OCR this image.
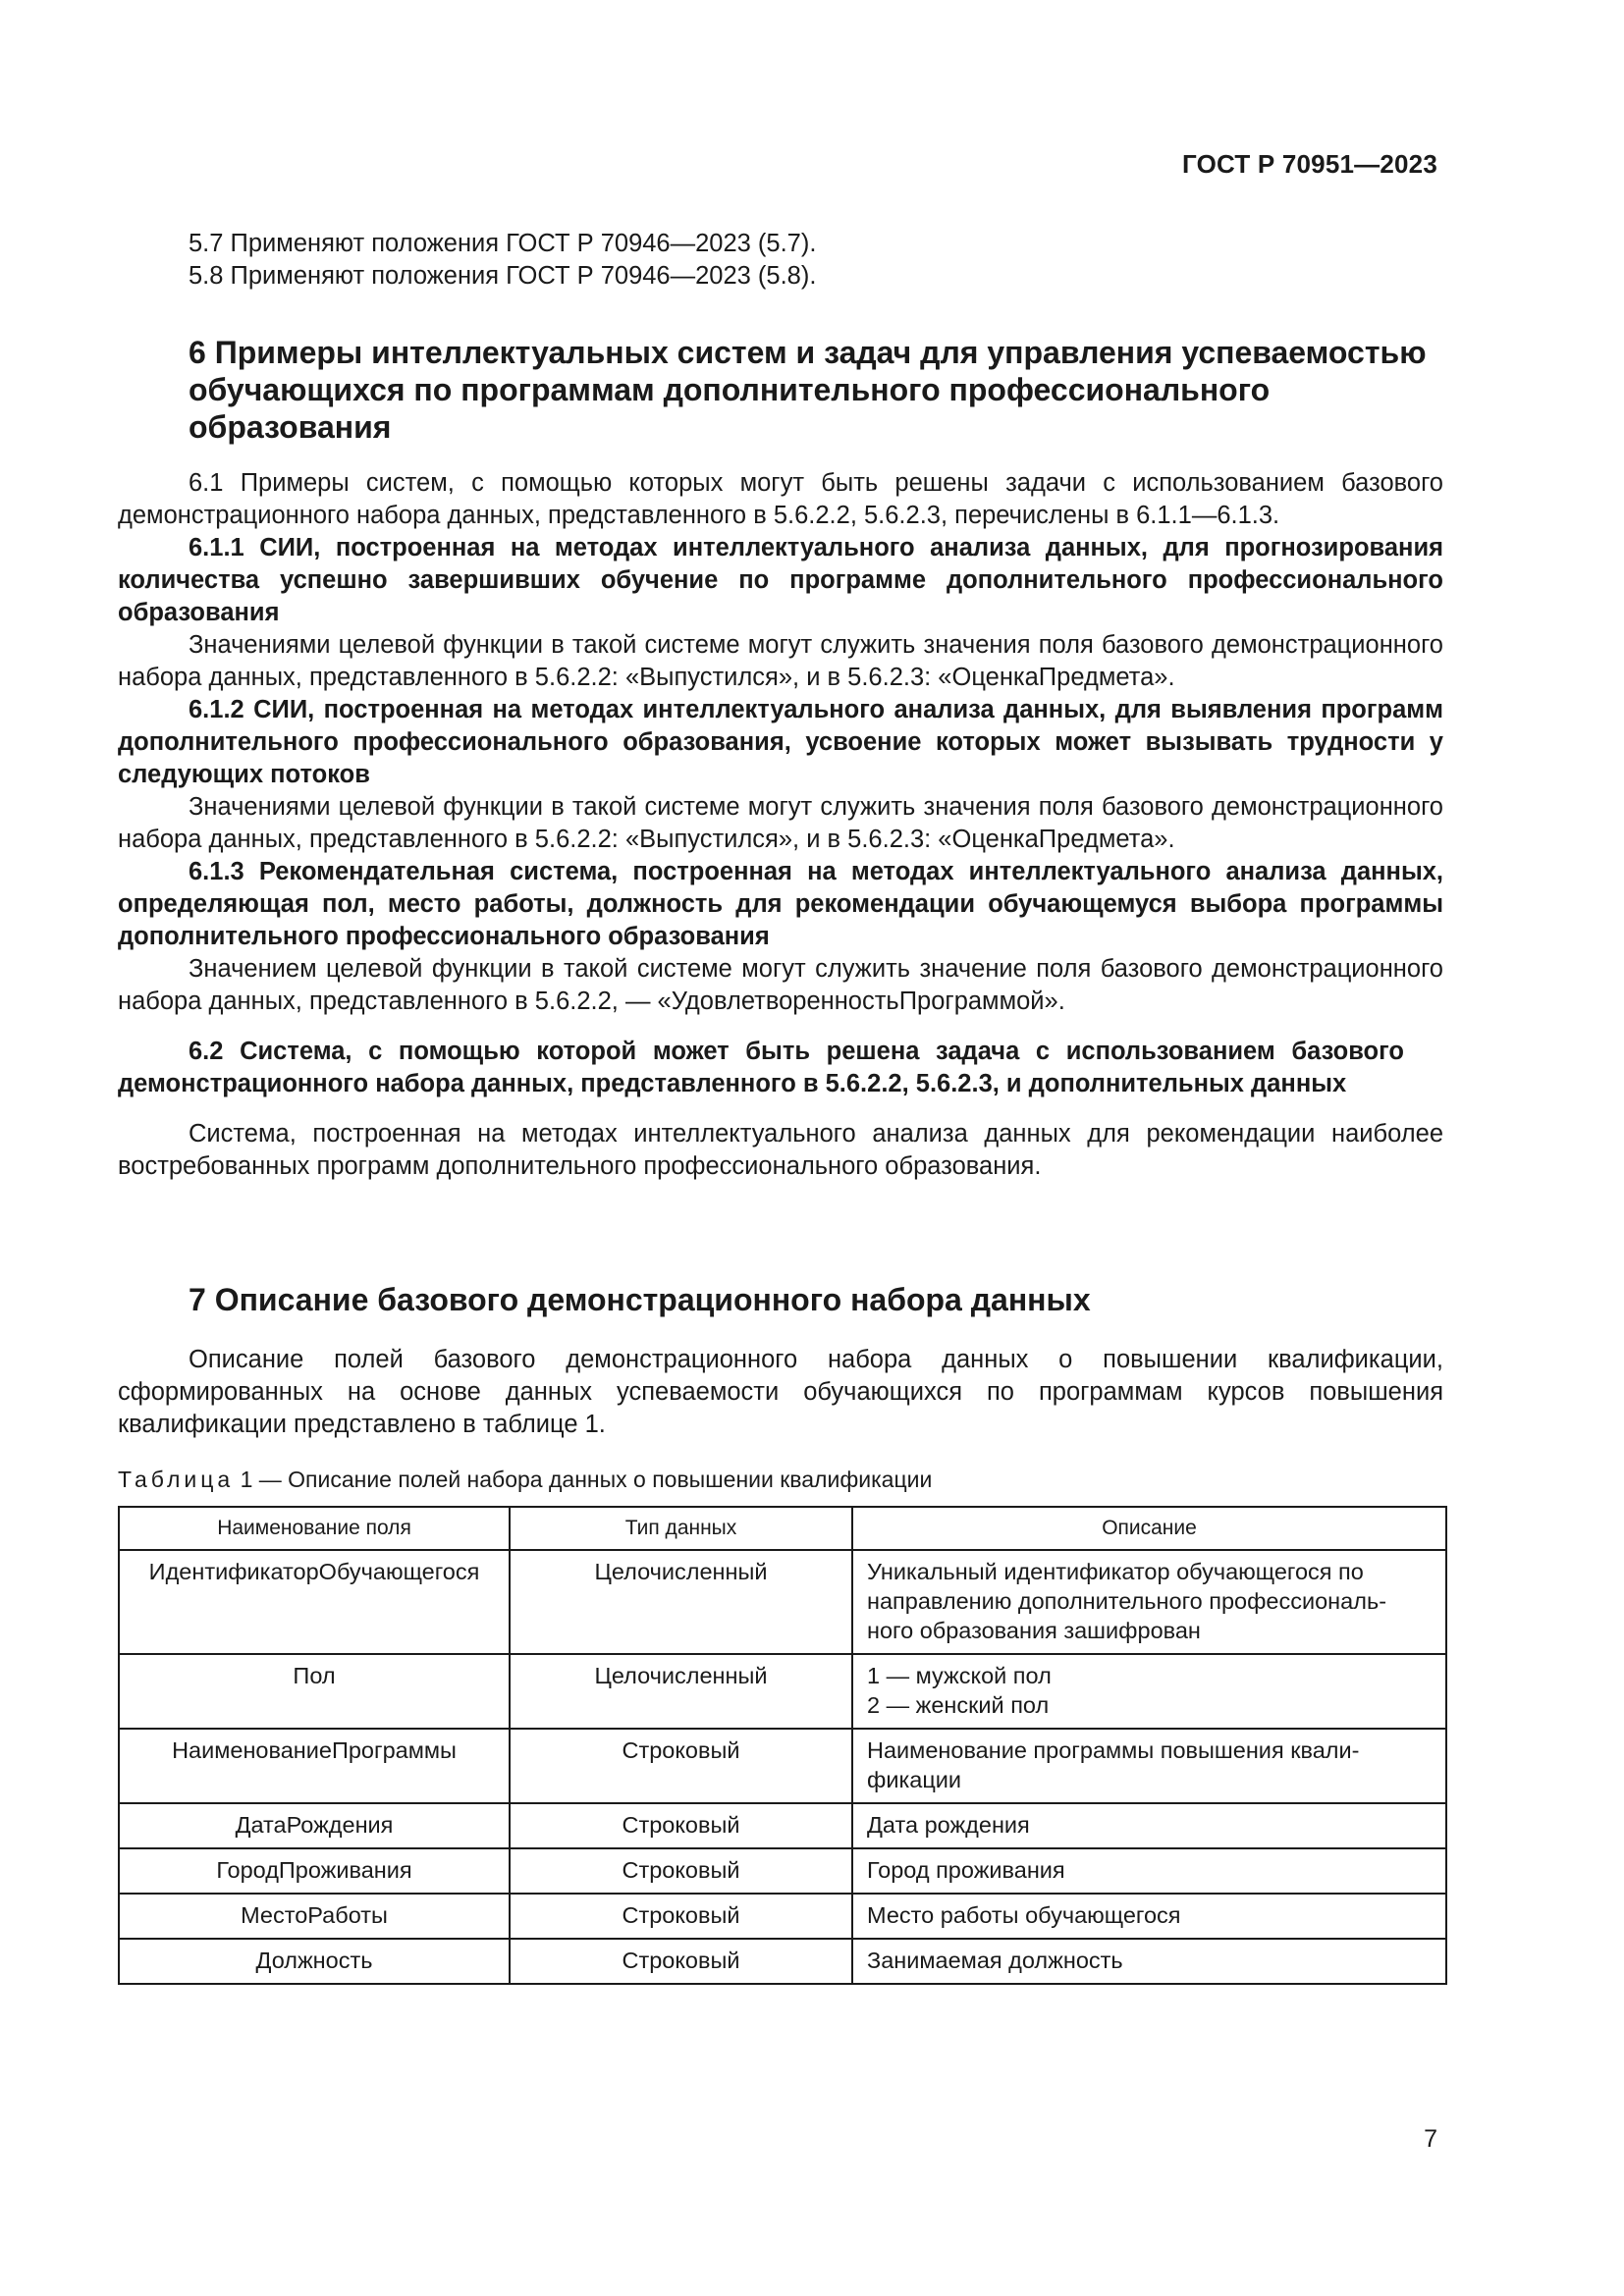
ГОСТ Р 70951—2023

5.7 Применяют положения ГОСТ Р 70946—2023 (5.7).

5.8 Применяют положения ГОСТ Р 70946—2023 (5.8).

6 Примеры интеллектуальных систем и задач для управления успеваемостью обучающихся по программам дополнительного профессионального образования

6.1 Примеры систем, с помощью которых могут быть решены задачи с использованием базового демонстрационного набора данных, представленного в 5.6.2.2, 5.6.2.3, перечислены в 6.1.1—6.1.3.

6.1.1 СИИ, построенная на методах интеллектуального анализа данных, для прогнозирования количества успешно завершивших обучение по программе дополнительного профессионального образования

Значениями целевой функции в такой системе могут служить значения поля базового демонстрационного набора данных, представленного в 5.6.2.2: «Выпустился», и в 5.6.2.3: «ОценкаПредмета».

6.1.2 СИИ, построенная на методах интеллектуального анализа данных, для выявления программ дополнительного профессионального образования, усвоение которых может вызывать трудности у следующих потоков

Значениями целевой функции в такой системе могут служить значения поля базового демонстрационного набора данных, представленного в 5.6.2.2: «Выпустился», и в 5.6.2.3: «ОценкаПредмета».

6.1.3 Рекомендательная система, построенная на методах интеллектуального анализа данных, определяющая пол, место работы, должность для рекомендации обучающемуся выбора программы дополнительного профессионального образования

Значением целевой функции в такой системе могут служить значение поля базового демонстрационного набора данных, представленного в 5.6.2.2, — «УдовлетворенностьПрограммой».

6.2 Система, с помощью которой может быть решена задача с использованием базового демонстрационного набора данных, представленного в 5.6.2.2, 5.6.2.3, и дополнительных данных

Система, построенная на методах интеллектуального анализа данных для рекомендации наиболее востребованных программ дополнительного профессионального образования.

7 Описание базового демонстрационного набора данных

Описание полей базового демонстрационного набора данных о повышении квалификации, сформированных на основе данных успеваемости обучающихся по программам курсов повышения квалификации представлено в таблице 1.

Таблица 1 — Описание полей набора данных о повышении квалификации

Наименование поля	Тип данных	Описание
ИдентификаторОбучающегося	Целочисленный	Уникальный идентификатор обучающегося по
направлению дополнительного профессиональ-
ного образования зашифрован

Пол	Целочисленный	1 — мужской пол
2 — женский пол

НаименованиеПрограммы	Строковый	Наименование программы повышения квали-
фикации

ДатаРождения	Строковый	Дата рождения

ГородПроживания	Строковый	Город проживания

МестоРаботы	Строковый	Место работы обучающегося

Должность	Строковый	Занимаемая должность
7
